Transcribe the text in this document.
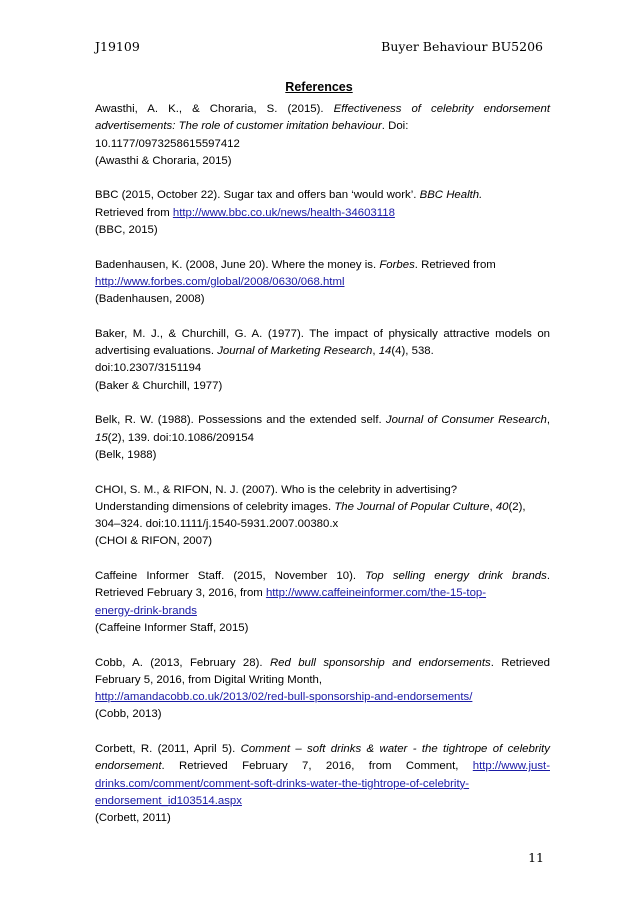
J19109	Buyer Behaviour BU5206
References
Awasthi, A. K., & Choraria, S. (2015). Effectiveness of celebrity endorsement
advertisements: The role of customer imitation behaviour. Doi:
10.1177/0973258615597412
(Awasthi & Choraria, 2015)
BBC (2015, October 22). Sugar tax and offers ban ‘would work’. BBC Health.
Retrieved from http://www.bbc.co.uk/news/health-34603118
(BBC, 2015)
Badenhausen, K. (2008, June 20). Where the money is. Forbes. Retrieved from
http://www.forbes.com/global/2008/0630/068.html
(Badenhausen, 2008)
Baker, M. J., & Churchill, G. A. (1977). The impact of physically attractive models on
advertising evaluations. Journal of Marketing Research, 14(4), 538.
doi:10.2307/3151194
(Baker & Churchill, 1977)
Belk, R. W. (1988). Possessions and the extended self. Journal of Consumer Research,
15(2), 139. doi:10.1086/209154
(Belk, 1988)
CHOI, S. M., & RIFON, N. J. (2007). Who is the celebrity in advertising?
Understanding dimensions of celebrity images. The Journal of Popular Culture, 40(2),
304–324. doi:10.1111/j.1540-5931.2007.00380.x
(CHOI & RIFON, 2007)
Caffeine Informer Staff. (2015, November 10). Top selling energy drink brands.
Retrieved February 3, 2016, from http://www.caffeineinformer.com/the-15-top-
energy-drink-brands
(Caffeine Informer Staff, 2015)
Cobb, A. (2013, February 28). Red bull sponsorship and endorsements. Retrieved
February 5, 2016, from Digital Writing Month,
http://amandacobb.co.uk/2013/02/red-bull-sponsorship-and-endorsements/
(Cobb, 2013)
Corbett, R. (2011, April 5). Comment – soft drinks & water - the tightrope of celebrity
endorsement. Retrieved February 7, 2016, from Comment, http://www.just-
drinks.com/comment/comment-soft-drinks-water-the-tightrope-of-celebrity-
endorsement_id103514.aspx
(Corbett, 2011)
11
